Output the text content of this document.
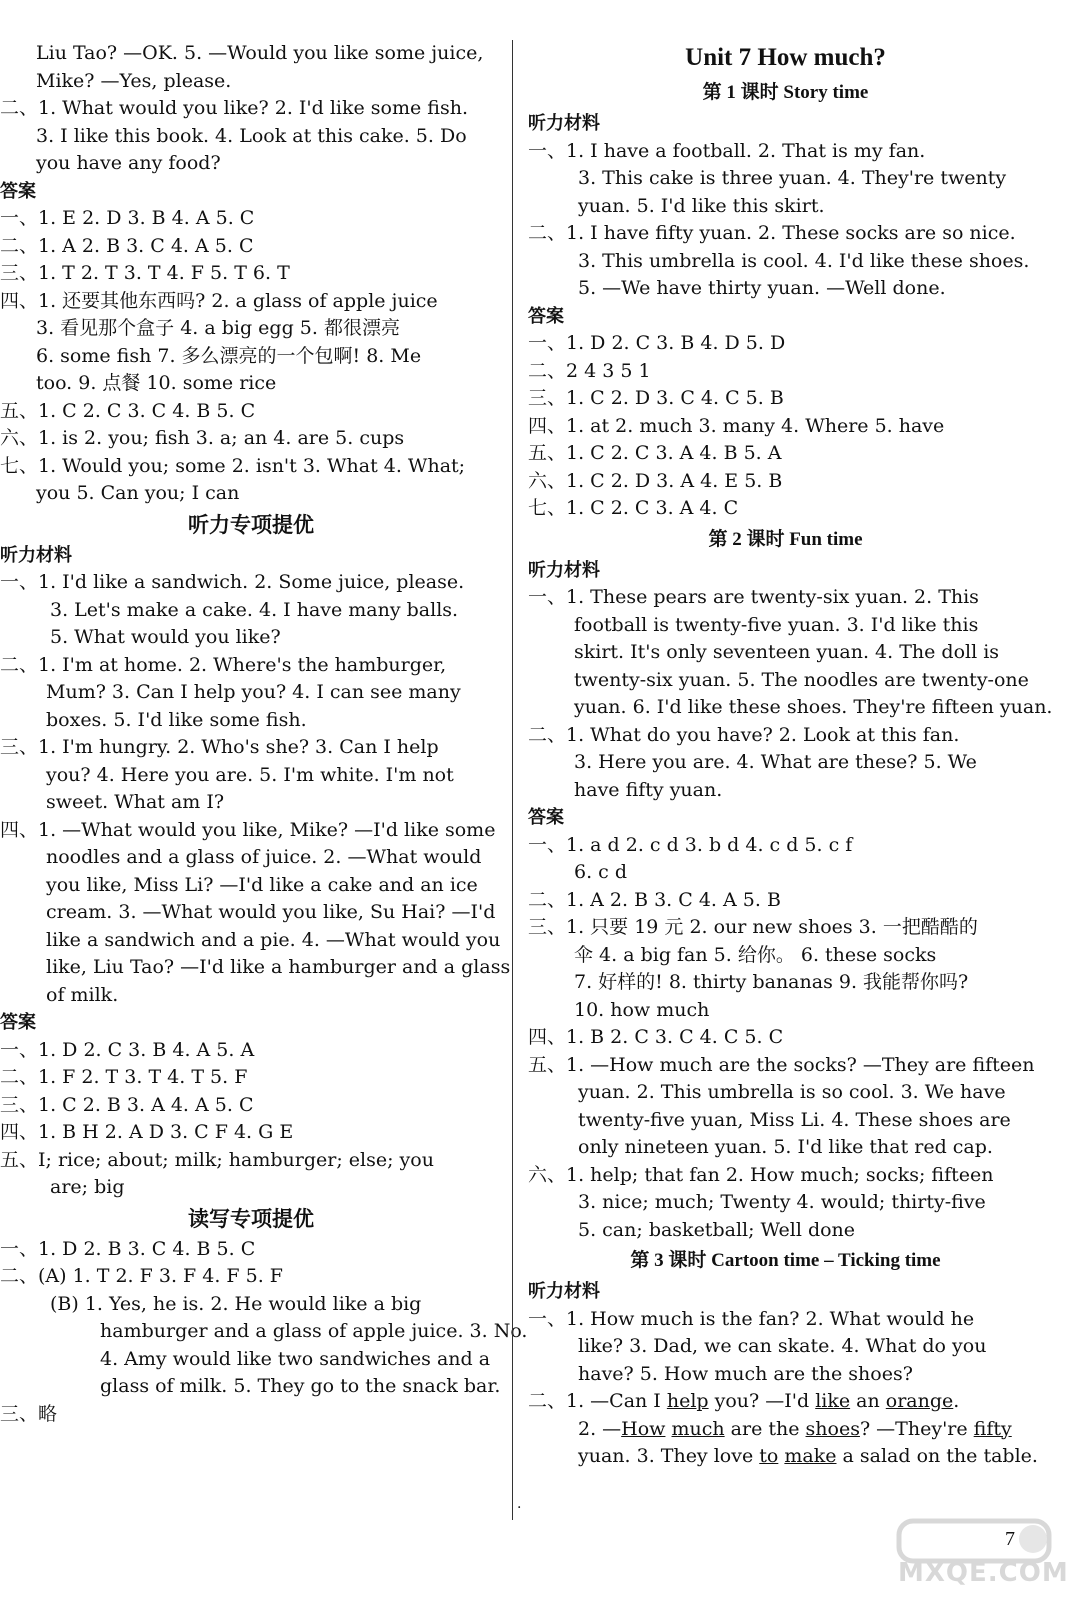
Liu Tao? —OK. 5. —Would you like some juice,
Mike? —Yes, please.
二、1. What would you like? 2. I'd like some fish.
3. I like this book. 4. Look at this cake. 5. Do
you have any food?
答案
一、1. E 2. D 3. B 4. A 5. C
二、1. A 2. B 3. C 4. A 5. C
三、1. T 2. T 3. T 4. F 5. T 6. T
四、1. 还要其他东西吗? 2. a glass of apple juice
3. 看见那个盒子 4. a big egg 5. 都很漂亮
6. some fish 7. 多么漂亮的一个包啊! 8. Me
too. 9. 点餐 10. some rice
五、1. C 2. C 3. C 4. B 5. C
六、1. is 2. you; fish 3. a; an 4. are 5. cups
七、1. Would you; some 2. isn't 3. What 4. What;
you 5. Can you; I can
听力专项提优
听力材料
一、1. I'd like a sandwich. 2. Some juice, please.
3. Let's make a cake. 4. I have many balls.
5. What would you like?
二、1. I'm at home. 2. Where's the hamburger,
Mum? 3. Can I help you? 4. I can see many
boxes. 5. I'd like some fish.
三、1. I'm hungry. 2. Who's she? 3. Can I help
you? 4. Here you are. 5. I'm white. I'm not
sweet. What am I?
四、1. —What would you like, Mike? —I'd like some
noodles and a glass of juice. 2. —What would
you like, Miss Li? —I'd like a cake and an ice
cream. 3. —What would you like, Su Hai? —I'd
like a sandwich and a pie. 4. —What would you
like, Liu Tao? —I'd like a hamburger and a glass
of milk.
答案
一、1. D 2. C 3. B 4. A 5. A
二、1. F 2. T 3. T 4. T 5. F
三、1. C 2. B 3. A 4. A 5. C
四、1. B H 2. A D 3. C F 4. G E
五、I; rice; about; milk; hamburger; else; you
are; big
读写专项提优
一、1. D 2. B 3. C 4. B 5. C
二、(A) 1. T 2. F 3. F 4. F 5. F
(B) 1. Yes, he is. 2. He would like a big
hamburger and a glass of apple juice. 3. No.
4. Amy would like two sandwiches and a
glass of milk. 5. They go to the snack bar.
三、略
Unit 7 How much?
第 1 课时 Story time
听力材料
一、1. I have a football. 2. That is my fan.
3. This cake is three yuan. 4. They're twenty
yuan. 5. I'd like this skirt.
二、1. I have fifty yuan. 2. These socks are so nice.
3. This umbrella is cool. 4. I'd like these shoes.
5. —We have thirty yuan. —Well done.
答案
一、1. D 2. C 3. B 4. D 5. D
二、2 4 3 5 1
三、1. C 2. D 3. C 4. C 5. B
四、1. at 2. much 3. many 4. Where 5. have
五、1. C 2. C 3. A 4. B 5. A
六、1. C 2. D 3. A 4. E 5. B
七、1. C 2. C 3. A 4. C
第 2 课时 Fun time
听力材料
一、1. These pears are twenty-six yuan. 2. This
football is twenty-five yuan. 3. I'd like this
skirt. It's only seventeen yuan. 4. The doll is
twenty-six yuan. 5. The noodles are twenty-one
yuan. 6. I'd like these shoes. They're fifteen yuan.
二、1. What do you have? 2. Look at this fan.
3. Here you are. 4. What are these? 5. We
have fifty yuan.
答案
一、1. a d 2. c d 3. b d 4. c d 5. c f
6. c d
二、1. A 2. B 3. C 4. A 5. B
三、1. 只要 19 元 2. our new shoes 3. 一把酷酷的
伞 4. a big fan 5. 给你。 6. these socks
7. 好样的! 8. thirty bananas 9. 我能帮你吗?
10. how much
四、1. B 2. C 3. C 4. C 5. C
五、1. —How much are the socks? —They are fifteen
yuan. 2. This umbrella is so cool. 3. We have
twenty-five yuan, Miss Li. 4. These shoes are
only nineteen yuan. 5. I'd like that red cap.
六、1. help; that fan 2. How much; socks; fifteen
3. nice; much; Twenty 4. would; thirty-five
5. can; basketball; Well done
第 3 课时 Cartoon time – Ticking time
听力材料
一、1. How much is the fan? 2. What would he
like? 3. Dad, we can skate. 4. What do you
have? 5. How much are the shoes?
二、1. —Can I help you? —I'd like an orange.
2. —How much are the shoes? —They're fifty
yuan. 3. They love to make a salad on the table.
·
7
MXQE.COM
